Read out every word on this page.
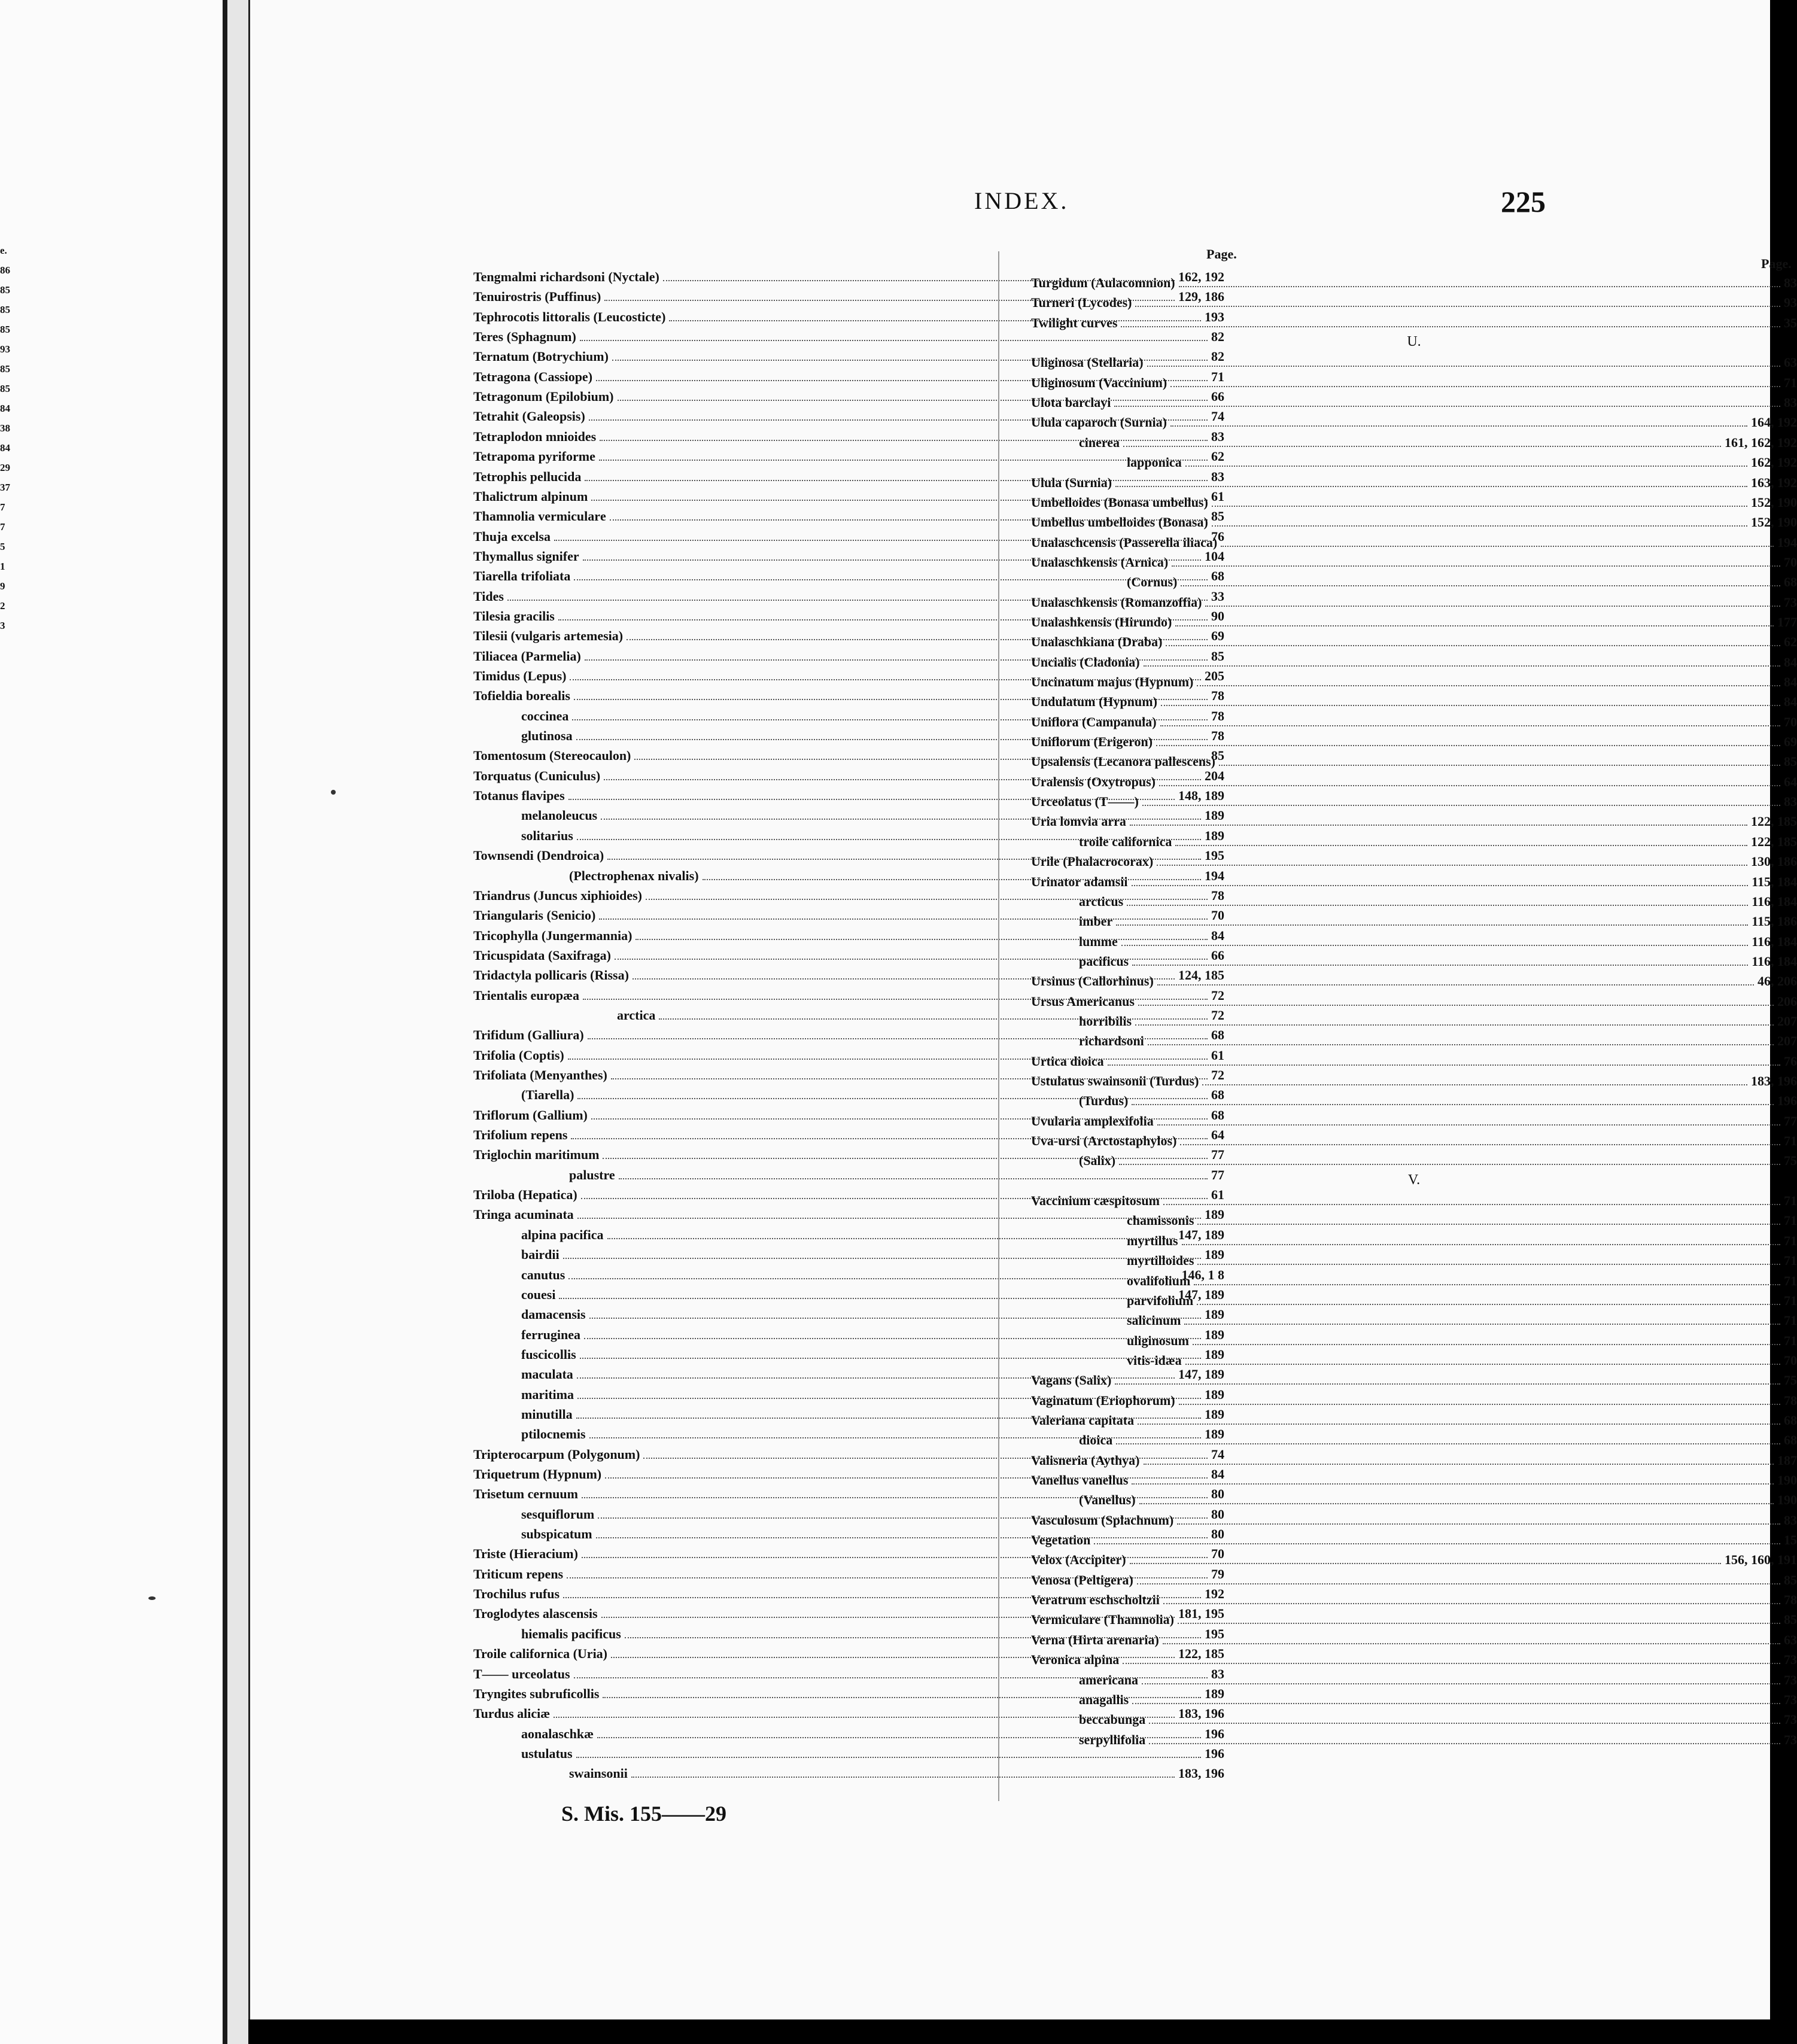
e.
86
85
85
85
93
85
85
84
38
84
29
37
7
7
5
1
9
2
3
INDEX.	225
Page.
Tengmalmi richardsoni (Nyctale)	162, 192
Tenuirostris (Puffinus)	129, 186
Tephrocotis littoralis (Leucosticte)	193
Teres (Sphagnum)	82
Ternatum (Botrychium)	82
Tetragona (Cassiope)	71
Tetragonum (Epilobium)	66
Tetrahit (Galeopsis)	74
Tetraplodon mnioides	83
Tetrapoma pyriforme	62
Tetrophis pellucida	83
Thalictrum alpinum	61
Thamnolia vermicularе	85
Thuja excelsa	76
Thymallus signifer	104
Tiarella trifoliata	68
Tides	33
Tilesia gracilis	90
Tilesii (vulgaris artemesia)	69
Tiliacea (Parmelia)	85
Timidus (Lepus)	205
Tofieldia borealis	78
coccinea	78
glutinosa	78
Tomentosum (Stereocaulon)	85
Torquatus (Cuniculus)	204
Totanus flavipes	148, 189
melanoleucus	189
solitarius	189
Townsendi (Dendroica)	195
(Plectrophenax nivalis)	194
Triandrus (Juncus xiphioides)	78
Triangularis (Senicio)	70
Tricophylla (Jungermannia)	84
Tricuspidata (Saxifraga)	66
Tridactyla pollicaris (Rissa)	124, 185
Trientalis europæa	72
arctica	72
Trifidum (Galliura)	68
Trifolia (Coptis)	61
Trifoliata (Menyanthes)	72
(Tiarella)	68
Triflorum (Gallium)	68
Trifolium repens	64
Triglochin maritimum	77
palustre	77
Triloba (Hepatica)	61
Tringa acuminata	189
alpina pacifica	147, 189
bairdii	189
canutus	146, 1 8
couesi	147, 189
damacensis	189
ferruginea	189
fuscicollis	189
maculata	147, 189
maritima	189
minutilla	189
ptilocnemis	189
Tripterocarpum (Polygonum)	74
Triquetrum (Hypnum)	84
Trisetum cernuum	80
sesquiflorum	80
subspicatum	80
Triste (Hieracium)	70
Triticum repens	79
Trochilus rufus	192
Troglodytes alascensis	181, 195
hiemalis pacificus	195
Troile californica (Uria)	122, 185
T—— urceolatus	83
Tryngites subruficollis	189
Turdus aliciæ	183, 196
aonalaschkæ	196
ustulatus	196
swainsonii	183, 196
Page.
Turgidum (Aulacomnion)	83
Turneri (Lycodes)	93
Twilight curves	35
U.
Uliginosa (Stellaria)	63
Uliginosum (Vaccinium)	71
Ulota barclayi	83
Ulula caparoch (Surnia)	164, 192
cinerea	161, 162, 192
lapponica	162, 192
Ulula (Surnia)	163, 192
Umbelloides (Bonasa umbellus)	152, 190
Umbellus umbelloides (Bonasa)	152, 190
Unalaschcensis (Passerella iliaca)	194
Unalaschkensis (Arnica)	70
(Cornus)	68
Unalaschkensis (Romanzoffia)	73
Unalashkensis (Hirundo)	177
Unalaschkiana (Draba)	62
Uncialis (Cladonia)	84
Uncinatum majus (Hypnum)	84
Undulatum (Hypnum)	84
Uniflora (Campanula)	70
Uniflorum (Erigeron)	69
Upsalensis (Lecanora pallescens)	85
Uralensis (Oxytropus)	64
Urceolatus (T——)	83
Uria lomvia arra	122, 185
troile californica	122, 185
Urile (Phalacrocorax)	130, 186
Urinator adamsii	115, 184
arcticus	116, 184
imber	115, 186
lumme	116, 184
pacificus	116, 184
Ursinus (Callorhinus)	46, 206
Ursus Americanus	206
horribilis	207
richardsoni	207
Urtica dioica	76
Ustulatus swainsonii (Turdus)	183, 196
(Turdus)	196
Uvularia amplexifolia	77
Uva-ursi (Arctostaphylos)	71
(Salix)	75
V.
Vaccinium cæspitosum	71
chamissonis	71
myrtillus	71
myrtilloides	71
ovalifolium	71
parvifolium	71
salicinum	71
uliginosum	71
vitis-idæa	70
Vagans (Salix)	75
Vaginatum (Eriophorum)	78
Valeriana capitata	68
dioica	68
Valisneria (Aythya)	187
Vanellus vanellus	190
(Vanellus)	190
Vasculosum (Splachnum)	83
Vegetation	15
Velox (Accipiter)	156, 160, 191
Venosa (Peltigera)	85
Veratrum eschscholtzii	78
Vermiculare (Thamnolia)	85
Verna (Hirta arenaria)	63
Veronica alpina	73
americana	73
anagallis	73
beccabunga	73
serpyllifolia	73
S. Mis. 155——29
